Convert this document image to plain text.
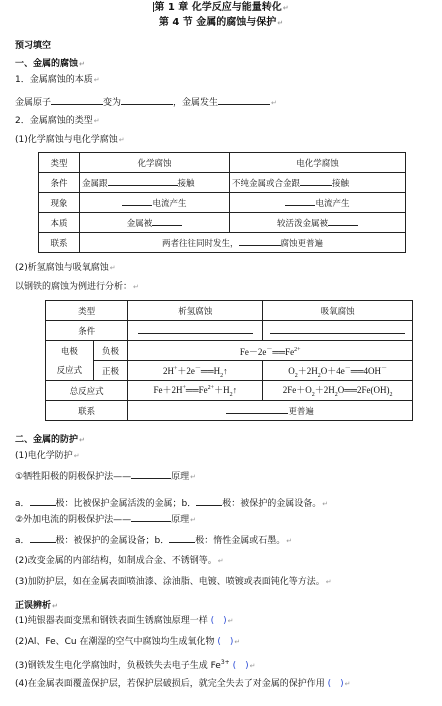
第 1 章 化学反应与能量转化↵
第 4 节 金属的腐蚀与保护↵
预习填空
一、金属的腐蚀↵
1．金属腐蚀的本质↵
金属原子	变为	，金属发生	↵
2．金属腐蚀的类型↵
(1)化学腐蚀与电化学腐蚀↵
类型	化学腐蚀	电化学腐蚀
条件	金属跟 接触	不纯金属或合金跟 接触
现象	电流产生	电流产生
本质	金属被	较活泼金属被
联系	两者往往同时发生， 腐蚀更普遍	
(2)析氢腐蚀与吸氧腐蚀↵
以钢铁的腐蚀为例进行分析：↵
类型		析氢腐蚀	吸氧腐蚀
条件			
电极	负极	$Fe-2e^-══Fe^{2+}$
反应式	正极	$2H^++2e^-══H_2↑$	$O_2+2H_2O+4e^-══4OH^-$
总反应式		$Fe+2H^+══Fe^{2+}+H_2↑$	$2Fe+O_2+2H_2O══2Fe(OH)_2$
联系		更普遍	
二、金属的防护↵
(1)电化学防护↵
①牺牲阳极的阴极保护法——	原理↵
a．	极：比被保护金属活泼的金属；b．	极：被保护的金属设备。↵
②外加电流的阴极保护法——	原理↵
a．	极：被保护的金属设备；b．	极：惰性金属或石墨。↵
(2)改变金属的内部结构，如制成合金、不锈钢等。↵
(3)加防护层，如在金属表面喷油漆、涂油脂、电镀、喷镀或表面钝化等方法。↵
正误辨析↵
(1)纯银器表面变黑和钢铁表面生锈腐蚀原理一样 (　)↵
(2)Al、Fe、Cu 在潮湿的空气中腐蚀均生成氧化物 (　)↵
(3)钢铁发生电化学腐蚀时，负极铁失去电子生成 $Fe^{3+}$ (　)↵
(4)在金属表面覆盖保护层，若保护层破损后，就完全失去了对金属的保护作用 (　)↵
